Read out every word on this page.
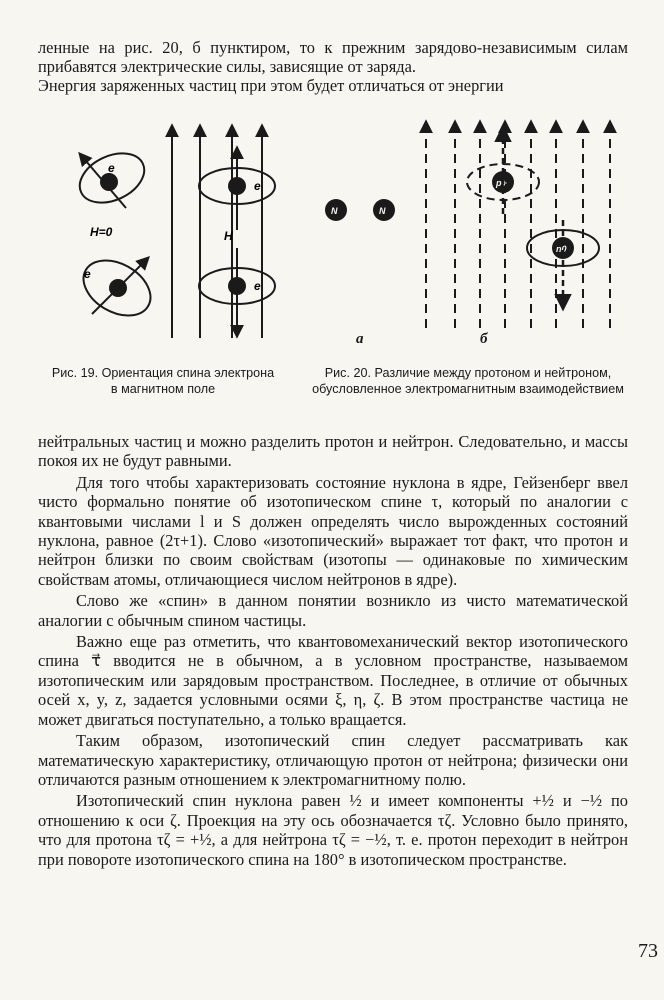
ленные на рис. 20, б пунктиром, то к прежним зарядово-независимым силам прибавятся электрические силы, зависящие от заряда.

Энергия заряженных частиц при этом будет отличаться от энергии

e
e
H=0
e
e
H
N	N
p+
n0
а	б
Рис. 19. Ориентация спина электрона в магнитном поле
Рис. 20. Различие между протоном и нейтроном, обусловленное электромагнитным взаимодействием

нейтральных частиц и можно разделить протон и нейтрон. Следовательно, и массы покоя их не будут равными.

Для того чтобы характеризовать состояние нуклона в ядре, Гейзенберг ввел чисто формально понятие об изотопическом спине τ, который по аналогии с квантовыми числами l и S должен определять число вырожденных состояний нуклона, равное (2τ+1). Слово «изотопический» выражает тот факт, что протон и нейтрон близки по своим свойствам (изотопы — одинаковые по химическим свойствам атомы, отличающиеся числом нейтронов в ядре).

Слово же «спин» в данном понятии возникло из чисто математической аналогии с обычным спином частицы.

Важно еще раз отметить, что квантовомеханический вектор изотопического спина τ⃗ вводится не в обычном, а в условном пространстве, называемом изотопическим или зарядовым пространством. Последнее, в отличие от обычных осей x, y, z, задается условными осями ξ, η, ζ. В этом пространстве частица не может двигаться поступательно, а только вращается.

Таким образом, изотопический спин следует рассматривать как математическую характеристику, отличающую протон от нейтрона; физически они отличаются разным отношением к электромагнитному полю.

Изотопический спин нуклона равен ½ и имеет компоненты +½ и −½ по отношению к оси ζ. Проекция на эту ось обозначается τζ. Условно было принято, что для протона τζ = +½, а для нейтрона τζ = −½, т. е. протон переходит в нейтрон при повороте изотопического спина на 180° в изотопическом пространстве.

73
